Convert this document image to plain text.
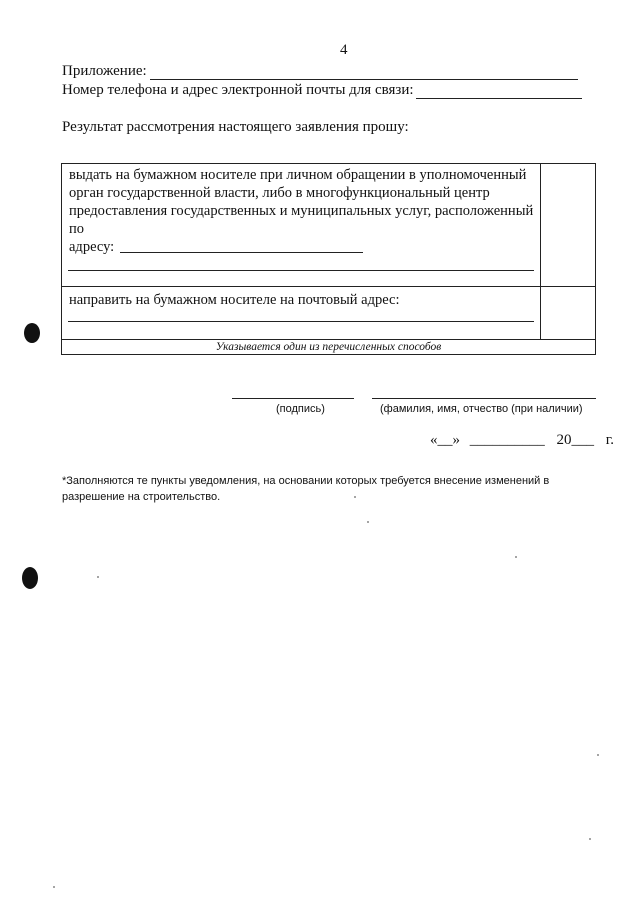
4
Приложение:
Номер телефона и адрес электронной почты для связи:
Результат рассмотрения настоящего заявления прошу:
выдать на бумажном носителе при личном обращении в уполномоченный орган государственной власти, либо в многофункциональный центр предоставления государственных и муниципальных услуг, расположенный по
адресу:
направить на бумажном носителе на почтовый адрес:
Указывается один из перечисленных способов
(подпись)	(фамилия, имя, отчество (при наличии)
«__» __________ 20___ г.
*Заполняются те пункты уведомления, на основании которых требуется внесение изменений в разрешение на строительство.
